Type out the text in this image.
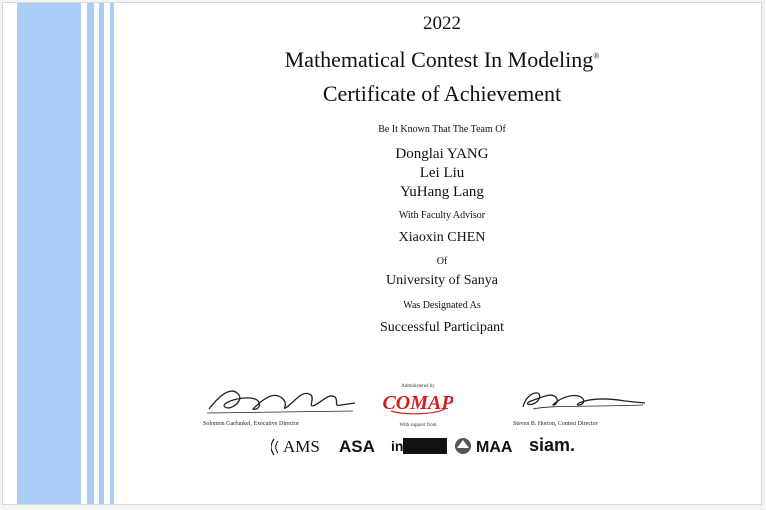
2022
Mathematical Contest In Modeling®
Certificate of Achievement
Be It Known That The Team Of
Donglai YANG
Lei Liu
YuHang Lang
With Faculty Advisor
Xiaoxin CHEN
Of
University of Sanya
Was Designated As
Successful Participant
Solomon Garfunkel, Executive Director
Administered by
COMAP
With support from	Steven B. Horton, Contest Director
AMS ASA informs MAA siam.
